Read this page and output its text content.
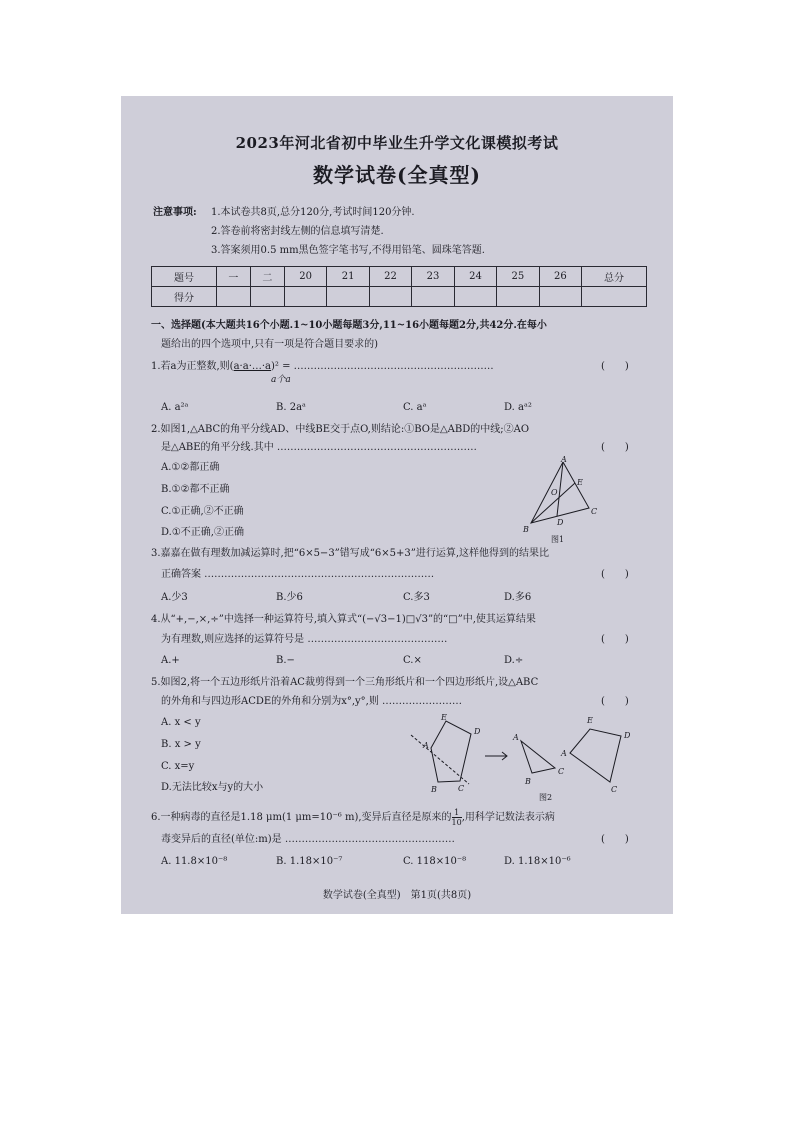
2023年河北省初中毕业生升学文化课模拟考试
数学试卷(全真型)
注意事项: 1.本试卷共8页,总分120分,考试时间120分钟.
2.答卷前将密封线左侧的信息填写清楚.
3.答案须用0.5 mm黑色签字笔书写,不得用铅笔、圆珠笔答题.
题号	一	二	20	21	22	23	24	25	26	总分
得分										
一、选择题(本大题共16个小题.1~10小题每题3分,11~16小题每题2分,共42分.在每小
题给出的四个选项中,只有一项是符合题目要求的)
1.若a为正整数,则(a·a·…·a)² = ……………………………………………………	(　　)
a个a
A. a²ᵃ	B. 2aᵃ	C. aᵃ	D. aᵃ²
2.如图1,△ABC的角平分线AD、中线BE交于点O,则结论:①BO是△ABD的中线;②AO
是△ABE的角平分线.其中 ……………………………………………………	(　　)
A.①②都正确
B.①②都不正确
C.①正确,②不正确
D.①不正确,②正确
A
B
C
D
E
O
图1
3.嘉嘉在做有理数加减运算时,把“6×5−3”错写成“6×5+3”进行运算,这样他得到的结果比
正确答案 ……………………………………………………………	(　　)
A.少3	B.少6	C.多3	D.多6
4.从“+,−,×,÷”中选择一种运算符号,填入算式“(−√3−1)□√3”的“□”中,使其运算结果
为有理数,则应选择的运算符号是 ……………………………………	(　　)
A.+	B.−	C.×	D.÷
5.如图2,将一个五边形纸片沿着AC裁剪得到一个三角形纸片和一个四边形纸片,设△ABC
的外角和与四边形ACDE的外角和分别为x°,y°,则 ……………………	(　　)
A. x < y
B. x > y
C. x=y
D.无法比较x与y的大小
A
B	C
D
E
A
B
C
A
C
D
E
图2
6.一种病毒的直径是1.18 μm(1 μm=10⁻⁶ m),变异后直径是原来的 $\frac{1}{10}$ ,用科学记数法表示病
毒变异后的直径(单位:m)是 ……………………………………………	(　　)
A. 11.8×10⁻⁸	B. 1.18×10⁻⁷	C. 118×10⁻⁸	D. 1.18×10⁻⁶
数学试卷(全真型)　第1页(共8页)
